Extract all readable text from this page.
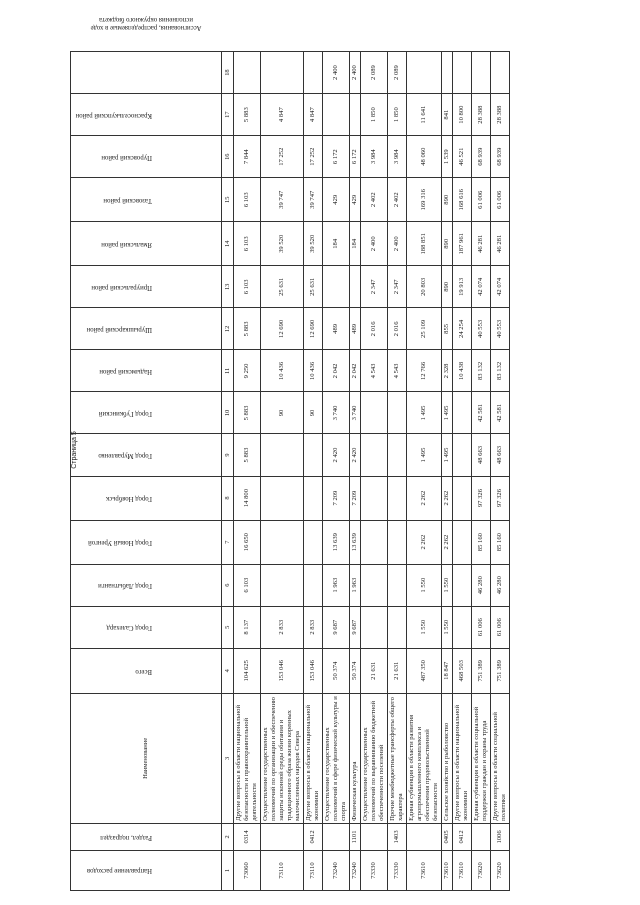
Страница 5
Направление расходов	Раздел, подраздел	Наименование	Всего	Город Салехард	Город Лабытнанги	Город Новый Уренгой	Город Ноябрьск	Город Муравленко	Город Губкинский	Надымский район	Шурышкарский район	Приуральский район	Ямальский район	Тазовский район	Пуровский район	Красноселькупский район	Ассигнования, распределяемые в ходе исполнения окружного бюджета
1	2	3	4	5	6	7	8	9	10	11	12	13	14	15	16	17	18
73060	0314	Другие вопросы в области национальной безопасности и правоохранительной деятельности	104 625	8 137	6 103	16 650	14 800	5 883	5 883	9 250	5 883	6 103	6 103	6 103	7 844	5 883	
73110		Осуществление государственных полномочий по организации и обеспечению защиты исконной среды обитания и традиционного образа жизни коренных малочисленных народов Севера	153 046	2 833					90	10 436	12 690	25 631	39 520	39 747	17 252	4 847	
73110	0412	Другие вопросы в области национальной экономики	153 046	2 833					90	10 436	12 690	25 631	39 520	39 747	17 252	4 847	
73240		Осуществление государственных полномочий в сфере физической культуры и спорта	50 374	9 687	1 963	13 639	7 209	2 420	3 740	2 042	489		184	429	6 172		2 400
73240	1101	Физическая культура	50 374	9 687	1 963	13 639	7 209	2 420	3 740	2 042	489		184	429	6 172		2 400
73330		Осуществление государственных полномочий по выравниванию бюджетной обеспеченности поселений	21 631							4 543	2 016	2 347	2 400	2 402	3 984	1 850	2 089
73330	1403	Прочие межбюджетные трансферты общего характера	21 631							4 543	2 016	2 347	2 400	2 402	3 984	1 850	2 089
73610		Единая субвенция в области развития агропромышленного комплекса и обеспечения продовольственной безопасности	487 350	1 550	1 550	2 262	2 262	1 495	1 495	12 766	25 109	20 803	188 851	169 316	48 060	11 641	
73610	0405	Сельское хозяйство и рыболовство	18 847	1 550	1 550	2 262	2 262	1 495	1 495	2 328	855	890	890	890	1 539	841	
73610	0412	Другие вопросы в области национальной экономики	468 503							10 438	24 254	19 913	187 961	168 616	46 521	10 800	
73620		Единая субвенция в области социальной поддержки граждан и охраны труда	751 389	61 006	46 280	85 160	97 326	48 663	42 581	83 132	40 553	42 074	46 281	61 006	68 939	28 388	
73620	1006	Другие вопросы в области социальной политики	751 389	61 006	46 280	85 160	97 326	48 663	42 581	83 132	40 553	42 074	46 281	61 006	68 939	28 388	
